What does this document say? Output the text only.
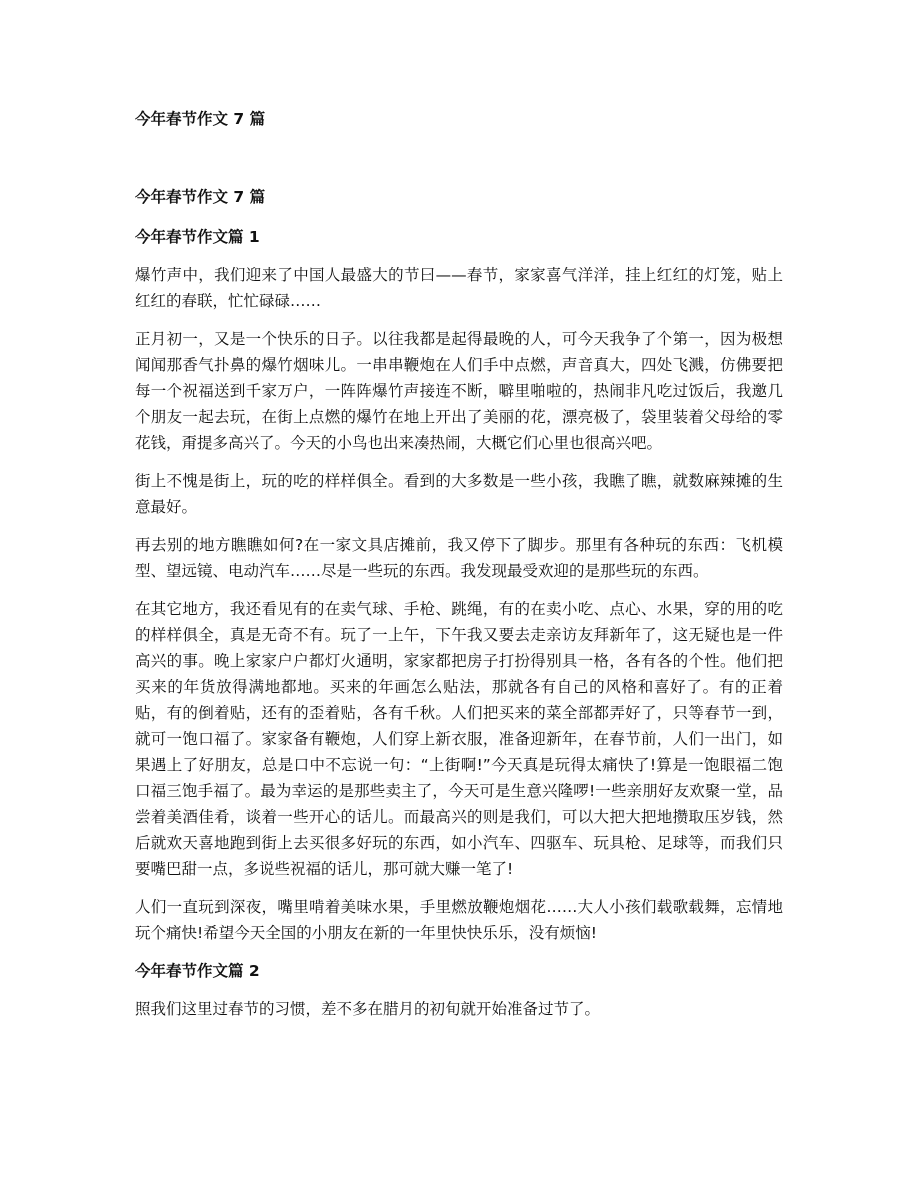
今年春节作文 7 篇
今年春节作文 7 篇
今年春节作文篇 1

爆竹声中，我们迎来了中国人最盛大的节曰——春节，家家喜气洋洋，挂上红红的灯笼，贴上红红的春联，忙忙碌碌……

正月初一，又是一个快乐的日子。以往我都是起得最晚的人，可今天我争了个第一，因为极想闻闻那香气扑鼻的爆竹烟味儿。一串串鞭炮在人们手中点燃，声音真大，四处飞溅，仿佛要把每一个祝福送到千家万户，一阵阵爆竹声接连不断，噼里啪啦的，热闹非凡吃过饭后，我邀几个朋友一起去玩，在街上点燃的爆竹在地上开出了美丽的花，漂亮极了，袋里装着父母给的零花钱，甭提多高兴了。今天的小鸟也出来凑热闹，大概它们心里也很高兴吧。

街上不愧是街上，玩的吃的样样俱全。看到的大多数是一些小孩，我瞧了瞧，就数麻辣摊的生意最好。

再去别的地方瞧瞧如何?在一家文具店摊前，我又停下了脚步。那里有各种玩的东西：飞机模型、望远镜、电动汽车……尽是一些玩的东西。我发现最受欢迎的是那些玩的东西。

在其它地方，我还看见有的在卖气球、手枪、跳绳，有的在卖小吃、点心、水果，穿的用的吃的样样俱全，真是无奇不有。玩了一上午，下午我又要去走亲访友拜新年了，这无疑也是一件高兴的事。晚上家家户户都灯火通明，家家都把房子打扮得别具一格，各有各的个性。他们把买来的年货放得满地都地。买来的年画怎么贴法，那就各有自己的风格和喜好了。有的正着贴，有的倒着贴，还有的歪着贴，各有千秋。人们把买来的菜全部都弄好了，只等春节一到，就可一饱口福了。家家备有鞭炮，人们穿上新衣服，准备迎新年，在春节前，人们一出门，如果遇上了好朋友，总是口中不忘说一句：“上街啊!”今天真是玩得太痛快了!算是一饱眼福二饱口福三饱手福了。最为幸运的是那些卖主了，今天可是生意兴隆啰!一些亲朋好友欢聚一堂，品尝着美酒佳肴，谈着一些开心的话儿。而最高兴的则是我们，可以大把大把地攒取压岁钱，然后就欢天喜地跑到街上去买很多好玩的东西，如小汽车、四驱车、玩具枪、足球等，而我们只要嘴巴甜一点，多说些祝福的话儿，那可就大赚一笔了!

人们一直玩到深夜，嘴里啃着美味水果，手里燃放鞭炮烟花……大人小孩们载歌载舞，忘情地玩个痛快!希望今天全国的小朋友在新的一年里快快乐乐，没有烦恼!

今年春节作文篇 2

照我们这里过春节的习惯，差不多在腊月的初旬就开始准备过节了。
